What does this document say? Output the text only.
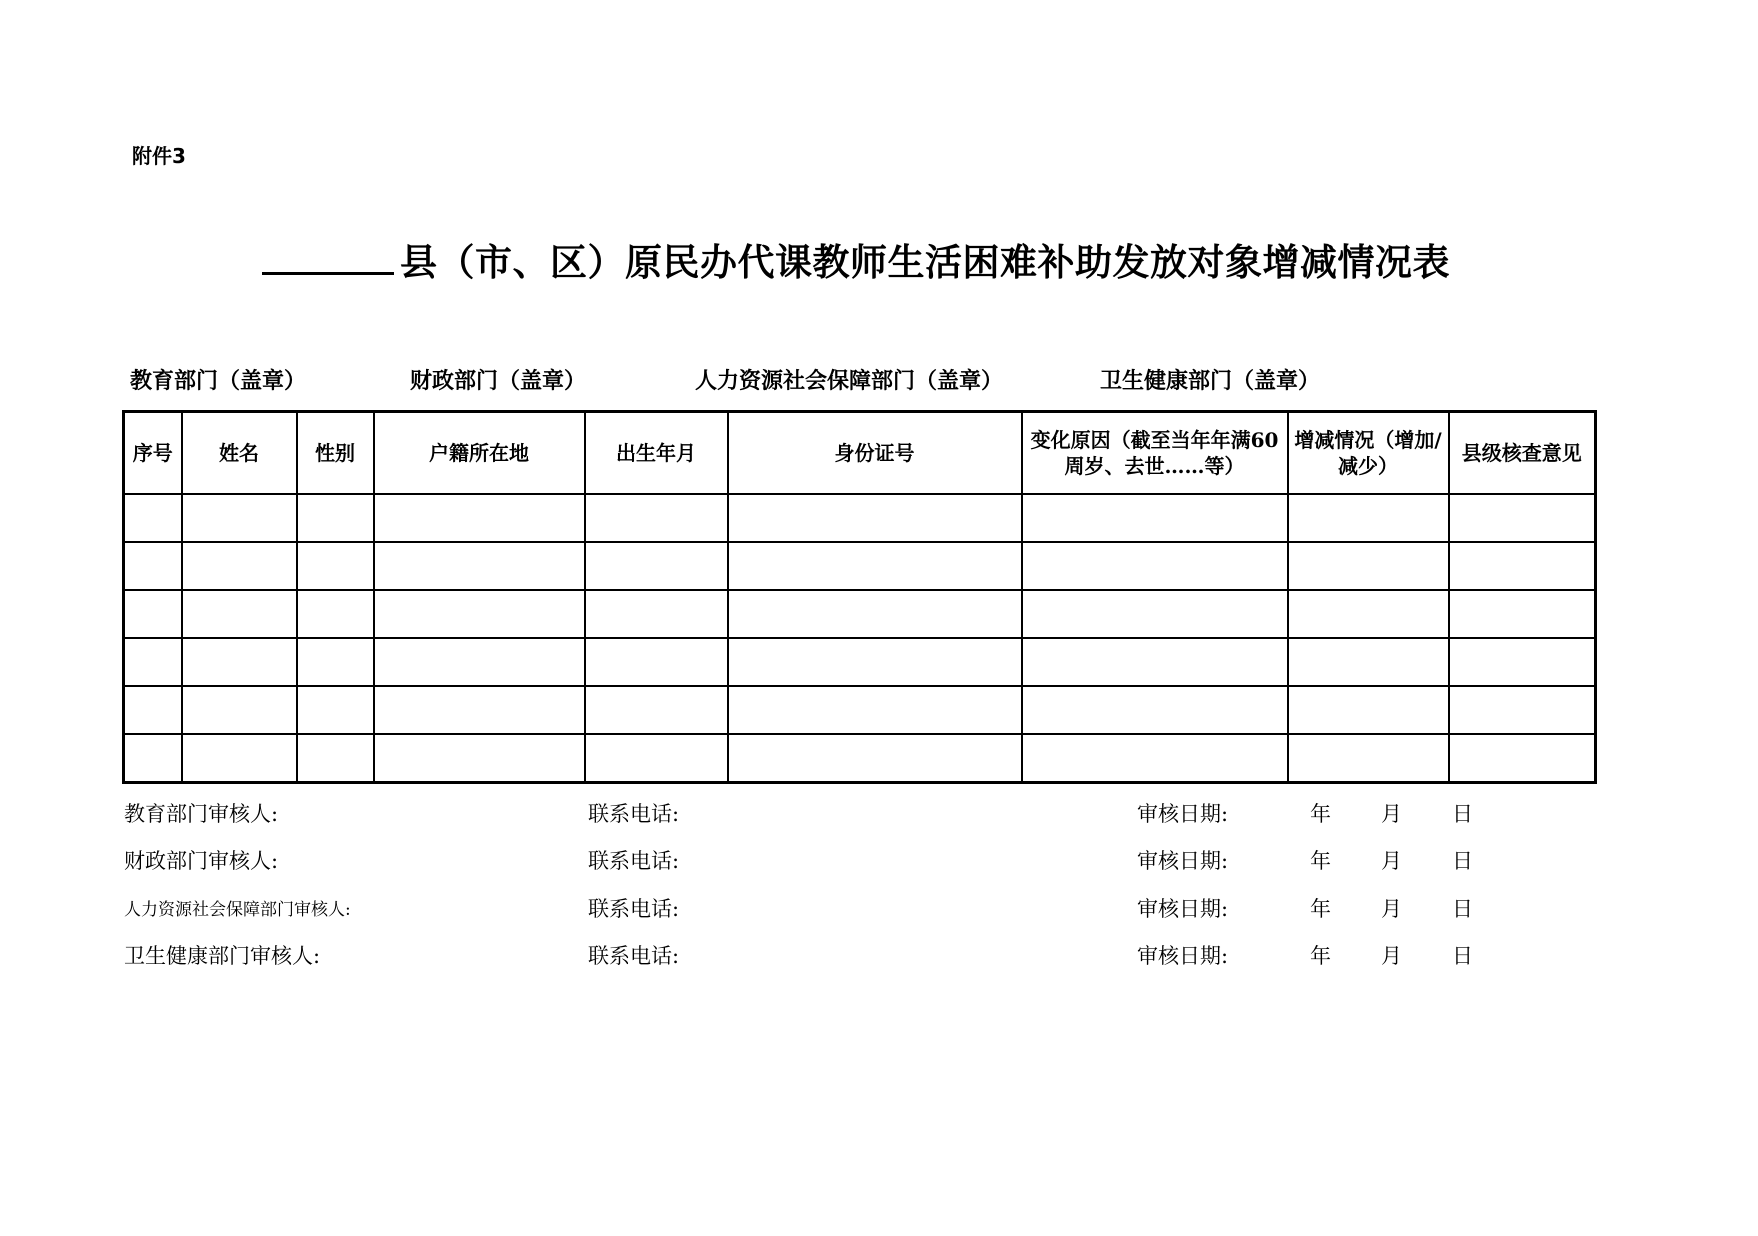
附件3
县（市、区）原民办代课教师生活困难补助发放对象增减情况表
教育部门（盖章）	财政部门（盖章）	人力资源社会保障部门（盖章）	卫生健康部门（盖章）
序号	姓名	性别	户籍所在地	出生年月	身份证号	变化原因（截至当年年满60周岁、去世……等）	增减情况（增加/减少）	县级核查意见

教育部门审核人:	联系电话:	审核日期:	年 月 日
财政部门审核人:	联系电话:	审核日期:	年 月 日
人力资源社会保障部门审核人:	联系电话:	审核日期:	年 月 日
卫生健康部门审核人:	联系电话:	审核日期:	年 月 日
